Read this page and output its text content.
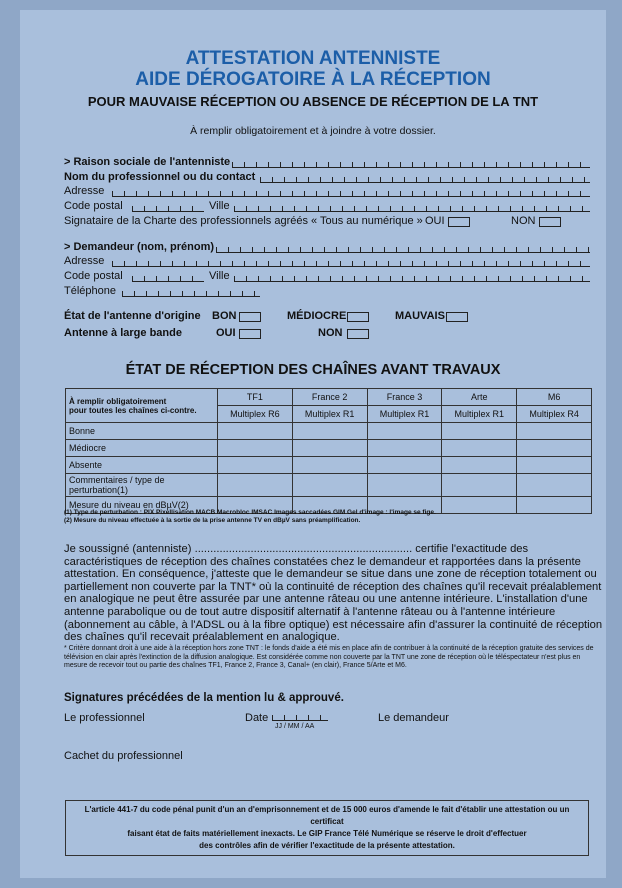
ATTESTATION ANTENNISTE
AIDE DÉROGATOIRE À LA RÉCEPTION
POUR MAUVAISE RÉCEPTION OU ABSENCE DE RÉCEPTION DE LA TNT
À remplir obligatoirement et à joindre à votre dossier.
> Raison sociale de l'antenniste
Nom du professionnel ou du contact
Adresse
Code postal	Ville
Signataire de la Charte des professionnels agréés « Tous au numérique » OUI	NON
> Demandeur (nom, prénom)
Adresse
Code postal	Ville
Téléphone
État de l'antenne d'origine BON	MÉDIOCRE	MAUVAIS
Antenne à large bande	OUI	NON
ÉTAT DE RÉCEPTION DES CHAÎNES AVANT TRAVAUX
À remplir obligatoirement
pour toutes les chaînes ci-contre.	TF1	France 2	France 3	Arte	M6
	Multiplex R6	Multiplex R1	Multiplex R1	Multiplex R1	Multiplex R4
Bonne					
Médiocre					
Absente					
Commentaires / type de perturbation(1)					
Mesure du niveau en dBµV(2)					
(1) Type de perturbation : PIX Pixellisation MACB Macrobloc IMSAC Images saccadées GIM Gel d'image : l'image se fige.
(2) Mesure du niveau effectuée à la sortie de la prise antenne TV en dBµV sans préamplification.
Je soussigné (antenniste) ...................................................................... certifie l'exactitude des caractéristiques de réception des chaînes constatées chez le demandeur et rapportées dans la présente attestation. En conséquence, j'atteste que le demandeur se situe dans une zone de réception totalement ou partiellement non couverte par la TNT* où la continuité de réception des chaînes qu'il recevait préalablement en analogique ne peut être assurée par une antenne râteau ou une antenne intérieure. L'installation d'une antenne parabolique ou de tout autre dispositif alternatif à l'antenne râteau ou à l'antenne intérieure (abonnement au câble, à l'ADSL ou à la fibre optique) est nécessaire afin d'assurer la continuité de réception des chaînes qu'il recevait préalablement en analogique.
* Critère donnant droit à une aide à la réception hors zone TNT : le fonds d'aide a été mis en place afin de contribuer à la continuité de la réception gratuite des services de télévision en clair après l'extinction de la diffusion analogique. Est considérée comme non couverte par la TNT une zone de réception où le téléspectateur n'est plus en mesure de recevoir tout ou partie des chaînes TF1, France 2, France 3, Canal+ (en clair), France 5/Arte et M6.
Signatures précédées de la mention lu & approuvé.
Le professionnel	Date
JJ / MM / AA
Le demandeur
Cachet du professionnel
L'article 441-7 du code pénal punit d'un an d'emprisonnement et de 15 000 euros d'amende le fait d'établir une attestation ou un certificat
faisant état de faits matériellement inexacts. Le GIP France Télé Numérique se réserve le droit d'effectuer
des contrôles afin de vérifier l'exactitude de la présente attestation.
